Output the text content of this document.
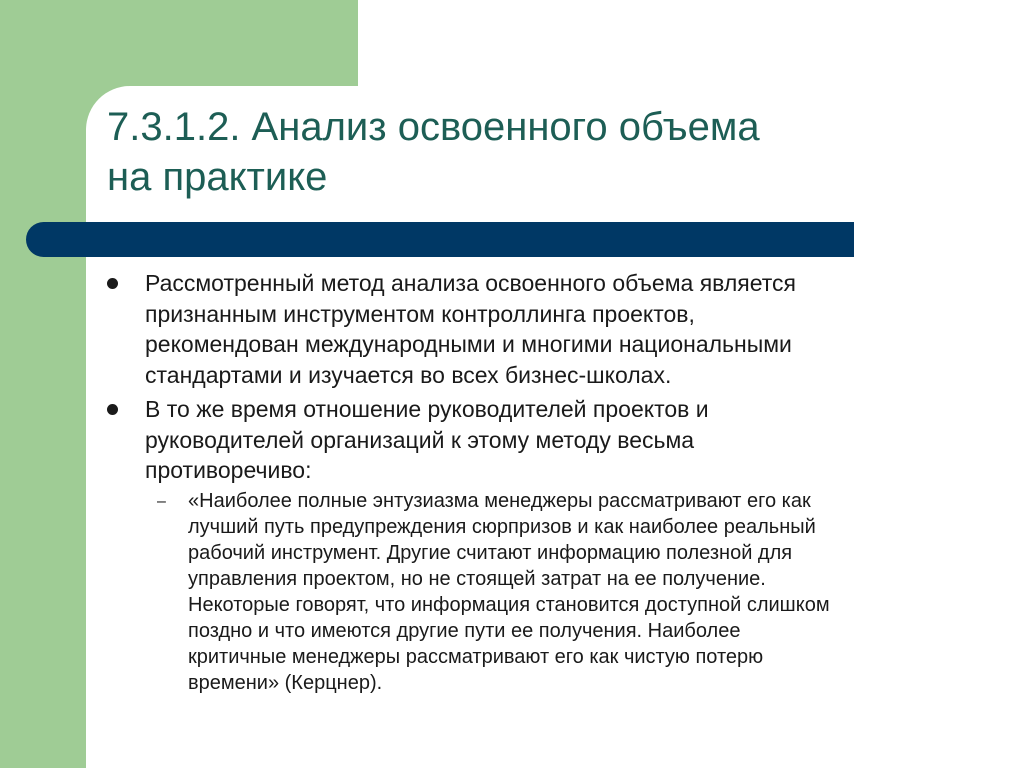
7.3.1.2. Анализ освоенного объема
на практике
Рассмотренный метод анализа освоенного объема является
признанным инструментом контроллинга проектов,
рекомендован международными и многими национальными
стандартами и изучается во всех бизнес-школах.
В то же время отношение руководителей проектов и
руководителей организаций к этому методу весьма
противоречиво:
– «Наиболее полные энтузиазма менеджеры рассматривают его как
лучший путь предупреждения сюрпризов и как наиболее реальный
рабочий инструмент. Другие считают информацию полезной для
управления проектом, но не стоящей затрат на ее получение.
Некоторые говорят, что информация становится доступной слишком
поздно и что имеются другие пути ее получения. Наиболее
критичные менеджеры рассматривают его как чистую потерю
времени» (Керцнер).
